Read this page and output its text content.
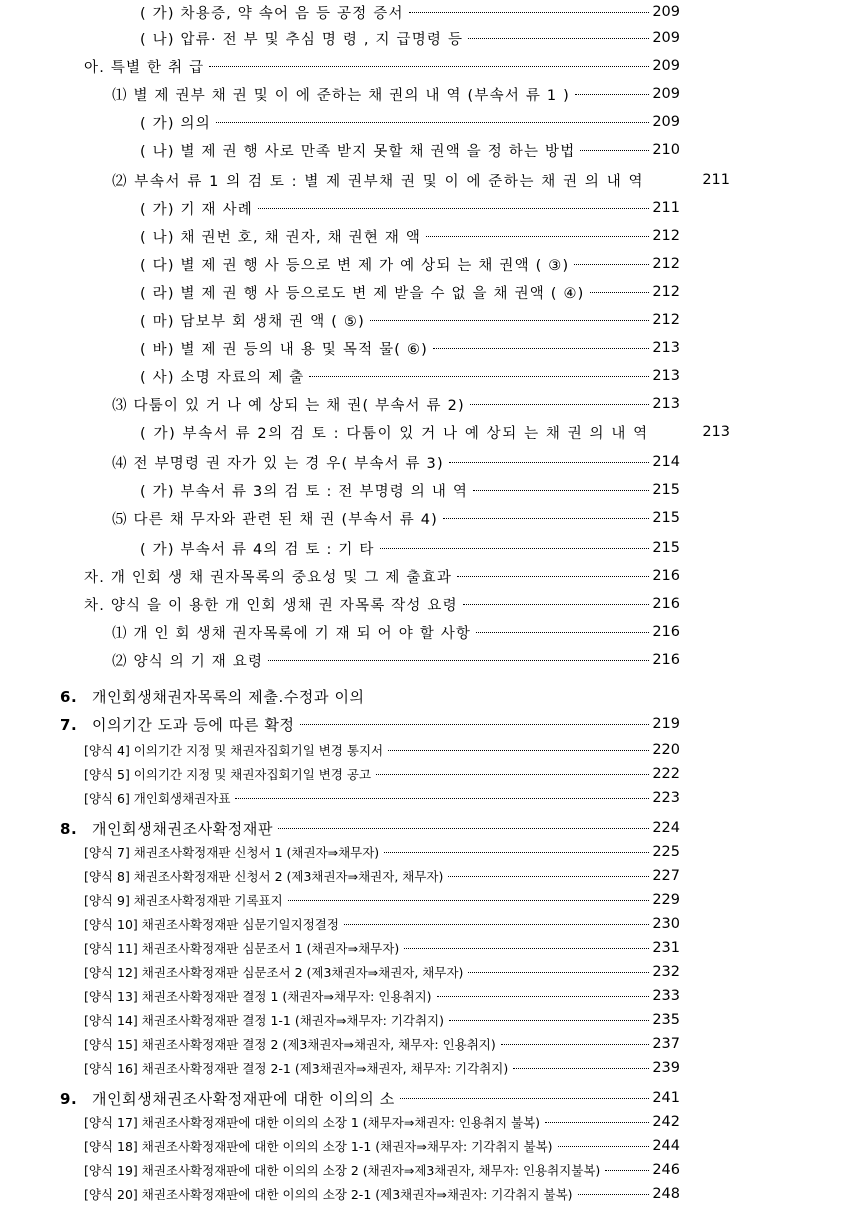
( 가) 차용증, 약 속어 음 등 공정 증서	209
( 나) 압류· 전 부 및 추심 명 령 , 지 급명령 등	209
아. 특별 한 취 급	209
⑴ 별 제 권부 채 권 및 이 에 준하는 채 권의 내 역 (부속서 류 1 )	209
( 가) 의의	209
( 나) 별 제 권 행 사로 만족 받지 못할 채 권액 을 정 하는 방법	210
⑵ 부속서 류 1 의 검 토 : 별 제 권부채 권 및 이 에 준하는 채 권 의 내 역	211
( 가) 기 재 사례	211
( 나) 채 권번 호, 채 권자, 채 권현 재 액	212
( 다) 별 제 권 행 사 등으로 변 제 가 예 상되 는 채 권액 ( ③)	212
( 라) 별 제 권 행 사 등으로도 변 제 받을 수 없 을 채 권액 ( ④)	212
( 마) 담보부 회 생채 권 액 ( ⑤)	212
( 바) 별 제 권 등의 내 용 및 목적 물( ⑥)	213
( 사) 소명 자료의 제 출	213
⑶ 다툼이 있 거 나 예 상되 는 채 권( 부속서 류 2)	213
( 가) 부속서 류 2의 검 토 : 다툼이 있 거 나 예 상되 는 채 권 의 내 역	213
⑷ 전 부명령 권 자가 있 는 경 우( 부속서 류 3)	214
( 가) 부속서 류 3의 검 토 : 전 부명령 의 내 역	215
⑸ 다른 채 무자와 관련 된 채 권 (부속서 류 4)	215
( 가) 부속서 류 4의 검 토 : 기 타	215
자. 개 인회 생 채 권자목록의 중요성 및 그 제 출효과	216
차. 양식 을 이 용한 개 인회 생채 권 자목록 작성 요령	216
⑴ 개 인 회 생채 권자목록에 기 재 되 어 야 할 사항	216
⑵ 양식 의 기 재 요령	216
6. 개인회생채권자목록의 제출.수정과 이의
7. 이의기간 도과 등에 따른 확정	219
[양식 4] 이의기간 지정 및 채권자집회기일 변경 통지서	220
[양식 5] 이의기간 지정 및 채권자집회기일 변경 공고	222
[양식 6] 개인회생채권자표	223
8. 개인회생채권조사확정재판	224
[양식 7] 채권조사확정재판 신청서 1 (채권자⇒채무자)	225
[양식 8] 채권조사확정재판 신청서 2 (제3채권자⇒채권자, 채무자)	227
[양식 9] 채권조사확정재판 기록표지	229
[양식 10] 채권조사확정재판 심문기일지정결정	230
[양식 11] 채권조사확정재판 심문조서 1 (채권자⇒채무자)	231
[양식 12] 채권조사확정재판 심문조서 2 (제3채권자⇒채권자, 채무자)	232
[양식 13] 채권조사확정재판 결정 1 (채권자⇒채무자: 인용취지)	233
[양식 14] 채권조사확정재판 결정 1-1 (채권자⇒채무자: 기각취지)	235
[양식 15] 채권조사확정재판 결정 2 (제3채권자⇒채권자, 채무자: 인용취지)	237
[양식 16] 채권조사확정재판 결정 2-1 (제3채권자⇒채권자, 채무자: 기각취지)	239
9. 개인회생채권조사확정재판에 대한 이의의 소	241
[양식 17] 채권조사확정재판에 대한 이의의 소장 1 (채무자⇒채권자: 인용취지 불복)	242
[양식 18] 채권조사확정재판에 대한 이의의 소장 1-1 (채권자⇒채무자: 기각취지 불복)	244
[양식 19] 채권조사확정재판에 대한 이의의 소장 2 (채권자⇒제3채권자, 채무자: 인용취지불복)	246
[양식 20] 채권조사확정재판에 대한 이의의 소장 2-1 (제3채권자⇒채권자: 기각취지 불복)	248
